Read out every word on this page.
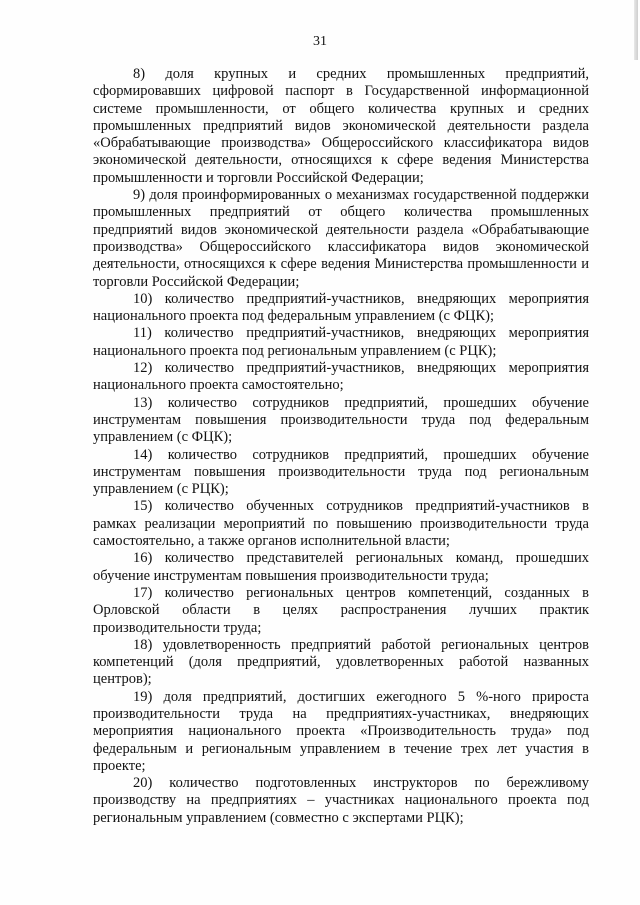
31

8) доля крупных и средних промышленных предприятий, сформировавших цифровой паспорт в Государственной информационной системе промышленности, от общего количества крупных и средних промышленных предприятий видов экономической деятельности раздела «Обрабатывающие производства» Общероссийского классификатора видов экономической деятельности, относящихся к сфере ведения Министерства промышленности и торговли Российской Федерации;

9) доля проинформированных о механизмах государственной поддержки промышленных предприятий от общего количества промышленных предприятий видов экономической деятельности раздела «Обрабатывающие производства» Общероссийского классификатора видов экономической деятельности, относящихся к сфере ведения Министерства промышленности и торговли Российской Федерации;

10) количество предприятий-участников, внедряющих мероприятия национального проекта под федеральным управлением (с ФЦК);

11) количество предприятий-участников, внедряющих мероприятия национального проекта под региональным управлением (с РЦК);

12) количество предприятий-участников, внедряющих мероприятия национального проекта самостоятельно;

13) количество сотрудников предприятий, прошедших обучение инструментам повышения производительности труда под федеральным управлением (с ФЦК);

14) количество сотрудников предприятий, прошедших обучение инструментам повышения производительности труда под региональным управлением (с РЦК);

15) количество обученных сотрудников предприятий-участников в рамках реализации мероприятий по повышению производительности труда самостоятельно, а также органов исполнительной власти;

16) количество представителей региональных команд, прошедших обучение инструментам повышения производительности труда;

17) количество региональных центров компетенций, созданных в Орловской области в целях распространения лучших практик производительности труда;

18) удовлетворенность предприятий работой региональных центров компетенций (доля предприятий, удовлетворенных работой названных центров);

19) доля предприятий, достигших ежегодного 5 %-ного прироста производительности труда на предприятиях-участниках, внедряющих мероприятия национального проекта «Производительность труда» под федеральным и региональным управлением в течение трех лет участия в проекте;

20) количество подготовленных инструкторов по бережливому производству на предприятиях – участниках национального проекта под региональным управлением (совместно с экспертами РЦК);
